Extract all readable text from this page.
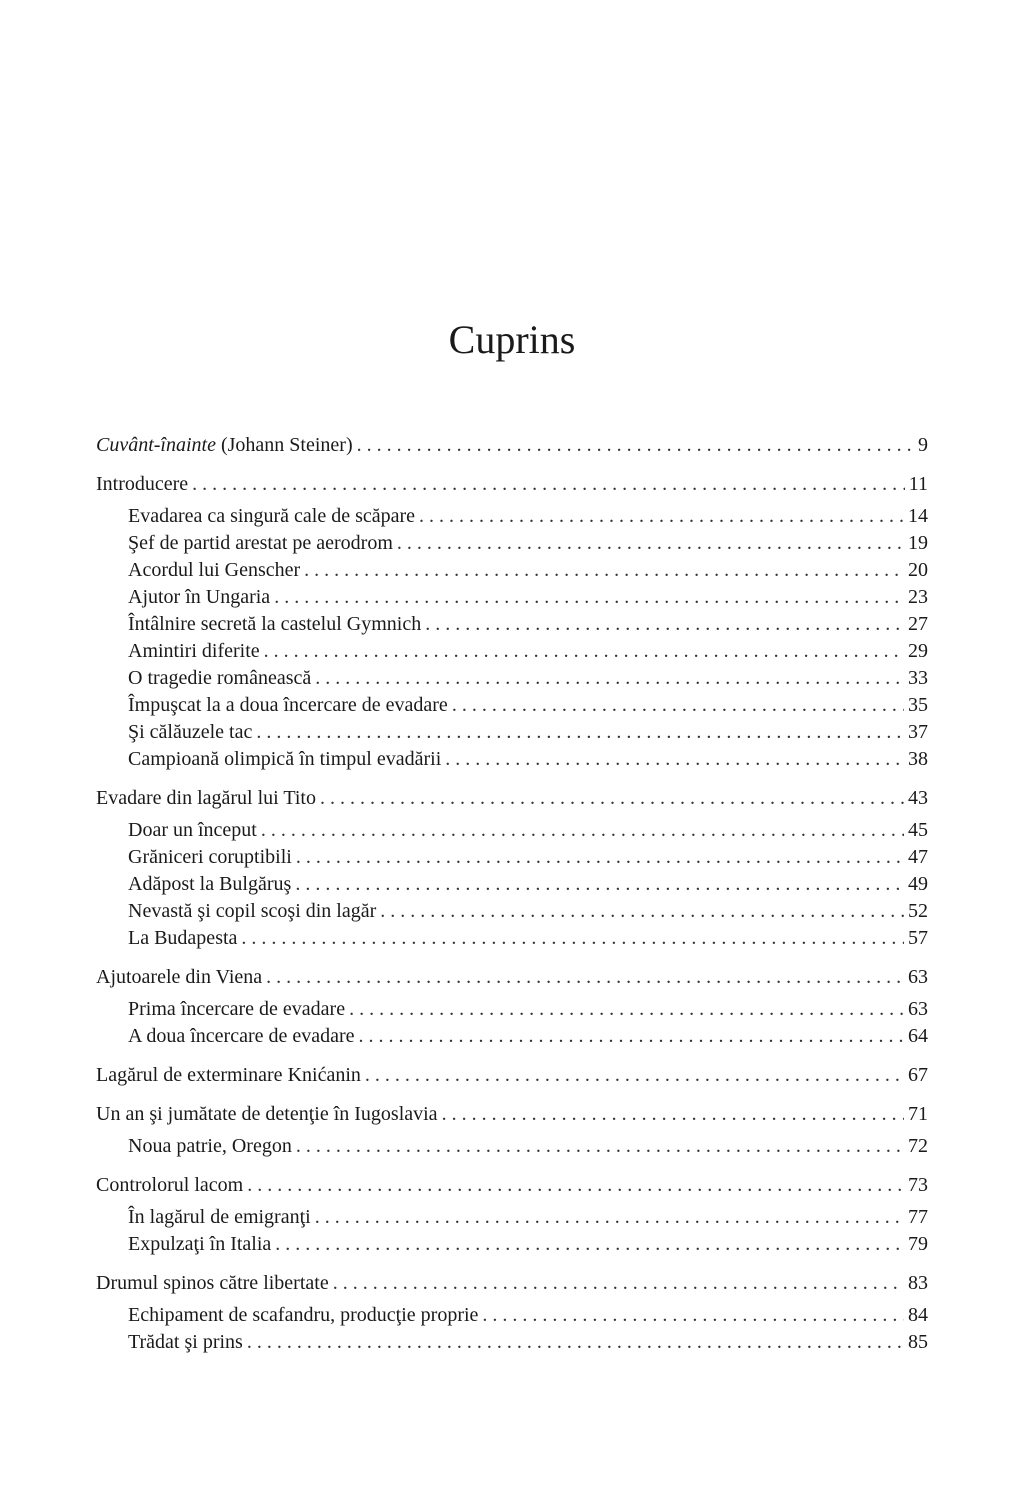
Cuprins
Cuvânt-înainte (Johann Steiner) . . .	9
Introducere . . .	11
Evadarea ca singură cale de scăpare . . .	14
Şef de partid arestat pe aerodrom . . .	19
Acordul lui Genscher . . .	20
Ajutor în Ungaria . . .	23
Întâlnire secretă la castelul Gymnich . . .	27
Amintiri diferite . . .	29
O tragedie românească . . .	33
Împuşcat la a doua încercare de evadare . . .	35
Şi călăuzele tac . . .	37
Campioană olimpică în timpul evadării . . .	38
Evadare din lagărul lui Tito . . .	43
Doar un început . . .	45
Grăniceri coruptibili . . .	47
Adăpost la Bulgăruş . . .	49
Nevastă şi copil scoşi din lagăr . . .	52
La Budapesta . . .	57
Ajutoarele din Viena . . .	63
Prima încercare de evadare . . .	63
A doua încercare de evadare . . .	64
Lagărul de exterminare Knićanin . . .	67
Un an şi jumătate de detenţie în Iugoslavia . . .	71
Noua patrie, Oregon . . .	72
Controlorul lacom . . .	73
În lagărul de emigranţi . . .	77
Expulzaţi în Italia . . .	79
Drumul spinos către libertate . . .	83
Echipament de scafandru, producţie proprie . . .	84
Trădat şi prins . . .	85
